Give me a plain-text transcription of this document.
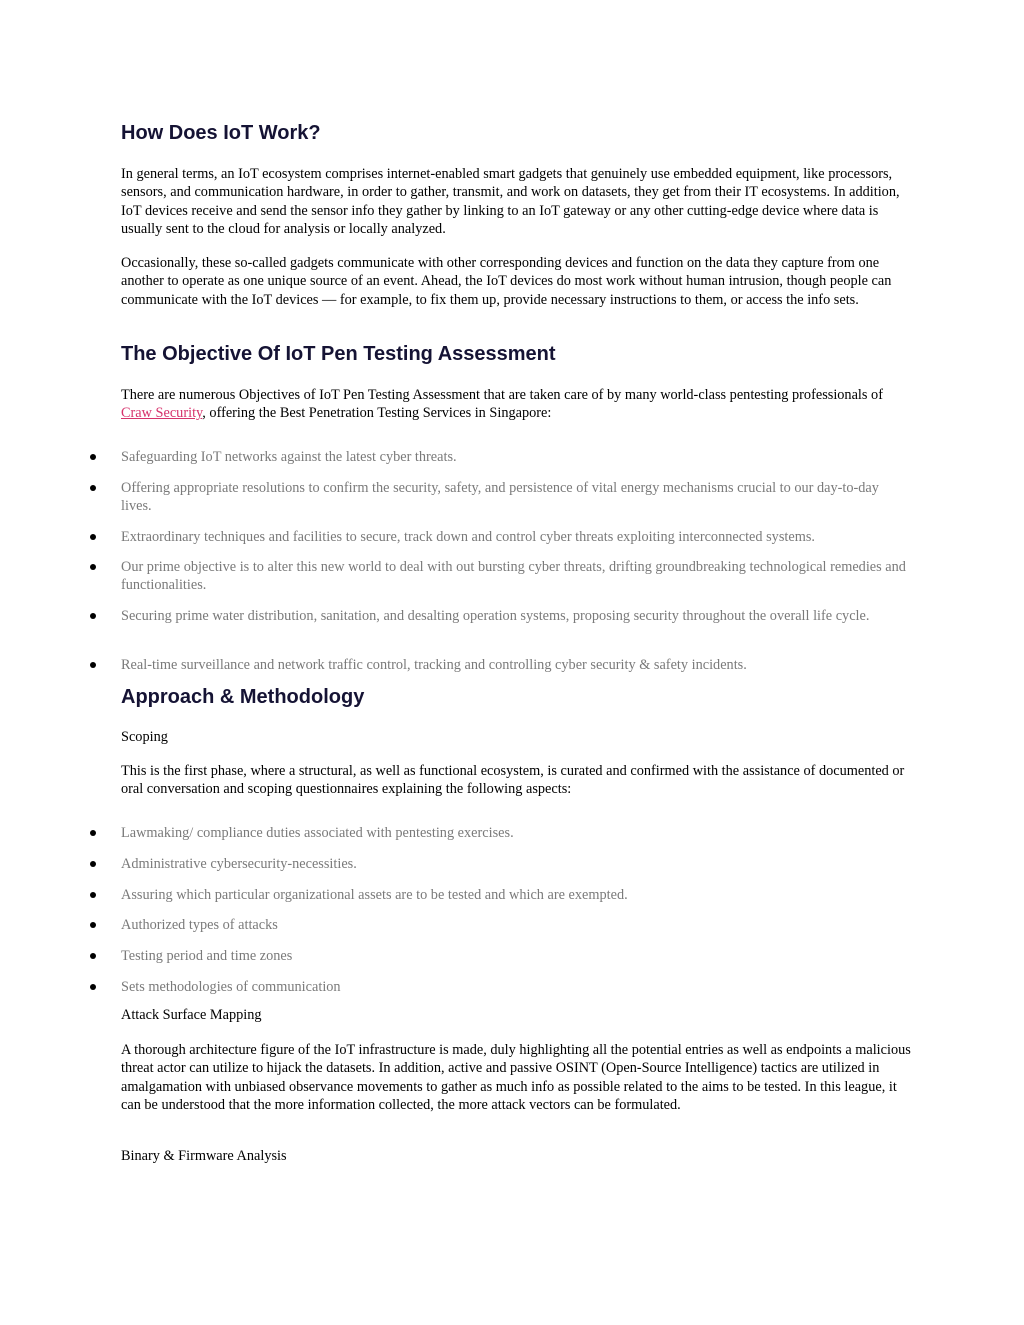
How Does IoT Work?

In general terms, an IoT ecosystem comprises internet-enabled smart gadgets that genuinely use embedded equipment, like processors, sensors, and communication hardware, in order to gather, transmit, and work on datasets, they get from their IT ecosystems. In addition, IoT devices receive and send the sensor info they gather by linking to an IoT gateway or any other cutting-edge device where data is usually sent to the cloud for analysis or locally analyzed.

Occasionally, these so-called gadgets communicate with other corresponding devices and function on the data they capture from one another to operate as one unique source of an event. Ahead, the IoT devices do most work without human intrusion, though people can communicate with the IoT devices — for example, to fix them up, provide necessary instructions to them, or access the info sets.

The Objective Of IoT Pen Testing Assessment

There are numerous Objectives of IoT Pen Testing Assessment that are taken care of by many world-class pentesting professionals of Craw Security, offering the Best Penetration Testing Services in Singapore:

Safeguarding IoT networks against the latest cyber threats.
Offering appropriate resolutions to confirm the security, safety, and persistence of vital energy mechanisms crucial to our day-to-day lives.
Extraordinary techniques and facilities to secure, track down and control cyber threats exploiting interconnected systems.
Our prime objective is to alter this new world to deal with out bursting cyber threats, drifting groundbreaking technological remedies and functionalities.
Securing prime water distribution, sanitation, and desalting operation systems, proposing security throughout the overall life cycle.
Real-time surveillance and network traffic control, tracking and controlling cyber security & safety incidents.
Approach & Methodology

Scoping

This is the first phase, where a structural, as well as functional ecosystem, is curated and confirmed with the assistance of documented or oral conversation and scoping questionnaires explaining the following aspects:

Lawmaking/ compliance duties associated with pentesting exercises.
Administrative cybersecurity-necessities.
Assuring which particular organizational assets are to be tested and which are exempted.
Authorized types of attacks
Testing period and time zones
Sets methodologies of communication

Attack Surface Mapping

A thorough architecture figure of the IoT infrastructure is made, duly highlighting all the potential entries as well as endpoints a malicious threat actor can utilize to hijack the datasets. In addition, active and passive OSINT (Open-Source Intelligence) tactics are utilized in amalgamation with unbiased observance movements to gather as much info as possible related to the aims to be tested. In this league, it can be understood that the more information collected, the more attack vectors can be formulated.

Binary & Firmware Analysis
